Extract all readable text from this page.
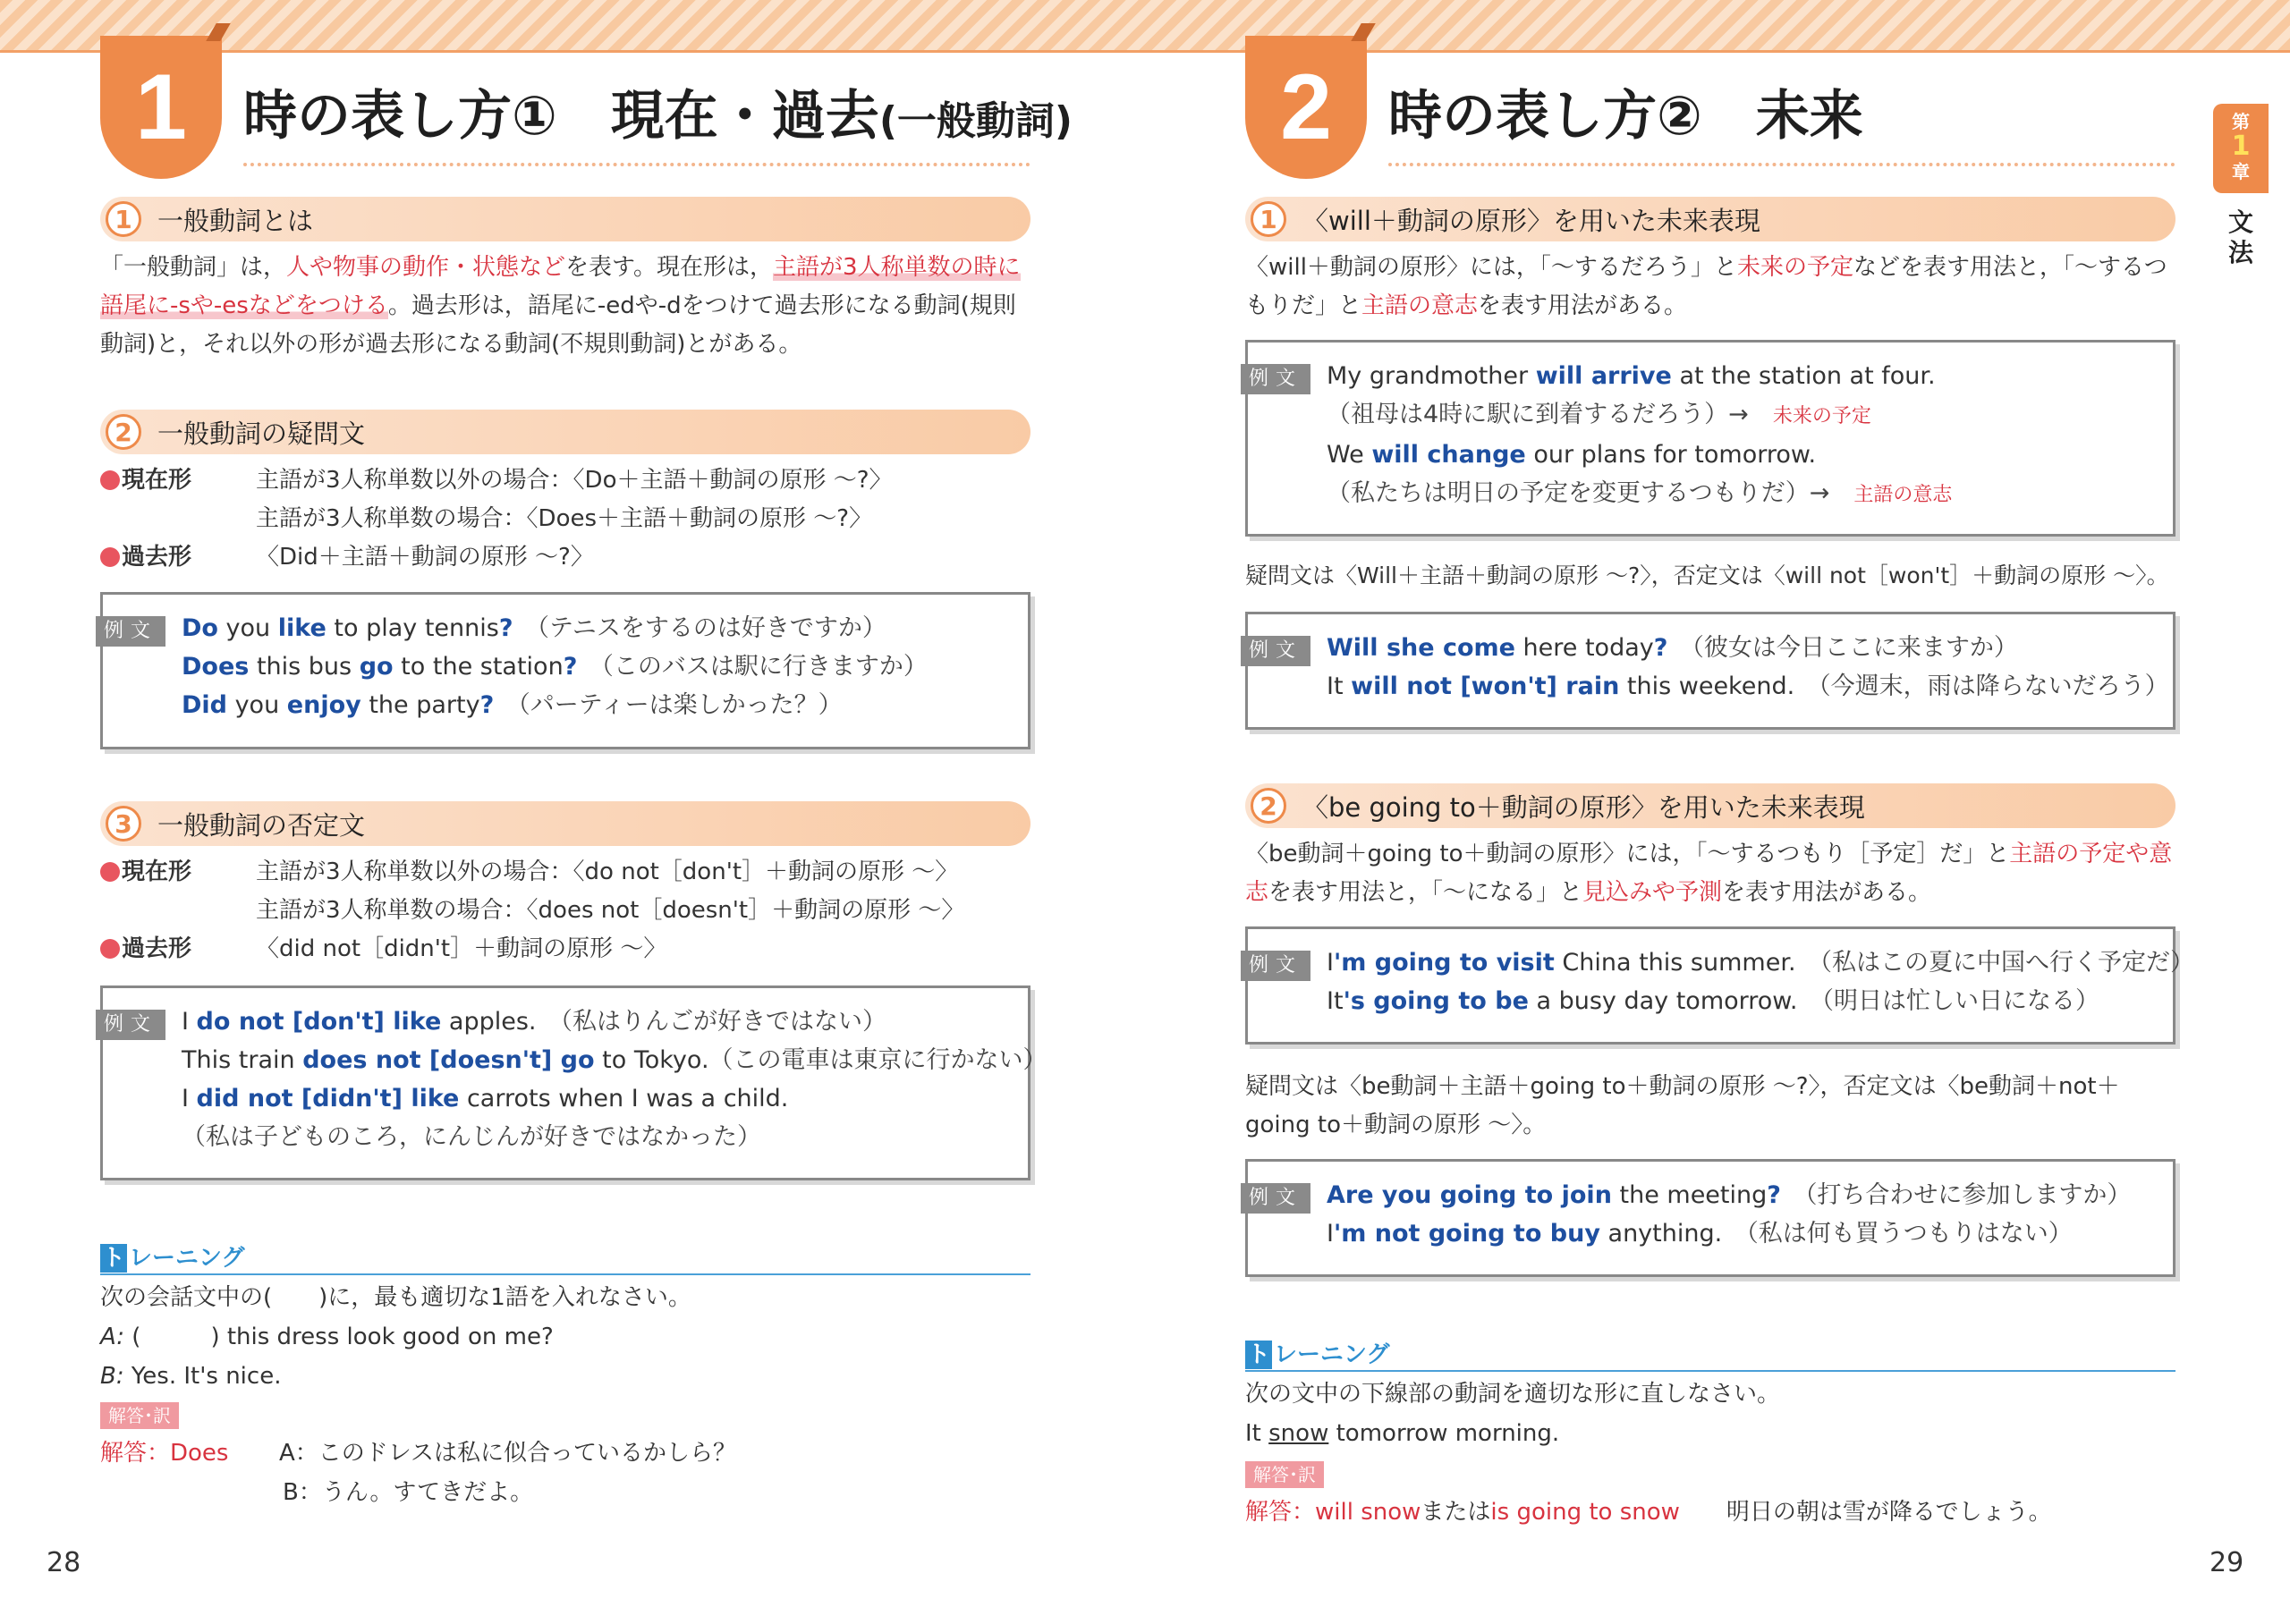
1	時の表し方①　現在・過去(一般動詞)
1 一般動詞とは
「一般動詞」は，人や物事の動作・状態などを表す。現在形は，主語が3人称単数の時に語尾に-sや-esなどをつける。過去形は，語尾に-edや-dをつけて過去形になる動詞(規則動詞)と，それ以外の形が過去形になる動詞(不規則動詞)とがある。
2 一般動詞の疑問文
現在形	主語が3人称単数以外の場合：〈Do＋主語＋動詞の原形 ～?〉
主語が3人称単数の場合：〈Does＋主語＋動詞の原形 ～?〉
過去形	〈Did＋主語＋動詞の原形 ～?〉
例文	Do you like to play tennis?　 （テニスをするのは好きですか）
Does this bus go to the station?　 （このバスは駅に行きますか）
Did you enjoy the party?　 （パーティーは楽しかった？）
3 一般動詞の否定文
現在形	主語が3人称単数以外の場合：〈do not［don't］＋動詞の原形 ～〉
主語が3人称単数の場合：〈does not［doesn't］＋動詞の原形 ～〉
過去形	〈did not［didn't］＋動詞の原形 ～〉
例文	I do not [don't] like apples.　 （私はりんごが好きではない）
This train does not [doesn't] go to Tokyo.（この電車は東京に行かない）
I did not [didn't] like carrots when I was a child.
（私は子どものころ，にんじんが好きではなかった）
ト レーニング
次の会話文中の(　　)に，最も適切な1語を入れなさい。
A: (　　　) this dress look good on me?
B: Yes. It's nice.
解答･訳
解答：Does	A：このドレスは私に似合っているかしら？
B：うん。すてきだよ。
28
2	時の表し方②　未来
1 〈will＋動詞の原形〉を用いた未来表現
〈will＋動詞の原形〉には，「～するだろう」と未来の予定などを表す用法と，「～するつもりだ」と主語の意志を表す用法がある。
例文	My grandmother will arrive at the station at four.
（祖母は4時に駅に到着するだろう）→　 未来の予定
We will change our plans for tomorrow.
（私たちは明日の予定を変更するつもりだ）→　 主語の意志
疑問文は〈Will＋主語＋動詞の原形 ～?〉，否定文は〈will not［won't］＋動詞の原形 ～〉。
例文	Will she come here today?　 （彼女は今日ここに来ますか）
It will not [won't] rain this weekend.　 （今週末，雨は降らないだろう）
2 〈be going to＋動詞の原形〉を用いた未来表現
〈be動詞＋going to＋動詞の原形〉には，「～するつもり［予定］だ」と主語の予定や意志を表す用法と，「～になる」と見込みや予測を表す用法がある。
例文	I'm going to visit China this summer.　 （私はこの夏に中国へ行く予定だ）
It's going to be a busy day tomorrow.　 （明日は忙しい日になる）
疑問文は〈be動詞＋主語＋going to＋動詞の原形 ～?〉，否定文は〈be動詞＋not＋going to＋動詞の原形 ～〉。
例文	Are you going to join the meeting?　 （打ち合わせに参加しますか）
I'm not going to buy anything.　 （私は何も買うつもりはない）
ト レーニング
次の文中の下線部の動詞を適切な形に直しなさい。
It snow tomorrow morning.
解答･訳
解答：will snowまたはis going to snow　　 明日の朝は雪が降るでしょう。
29
第
1
章
文法
